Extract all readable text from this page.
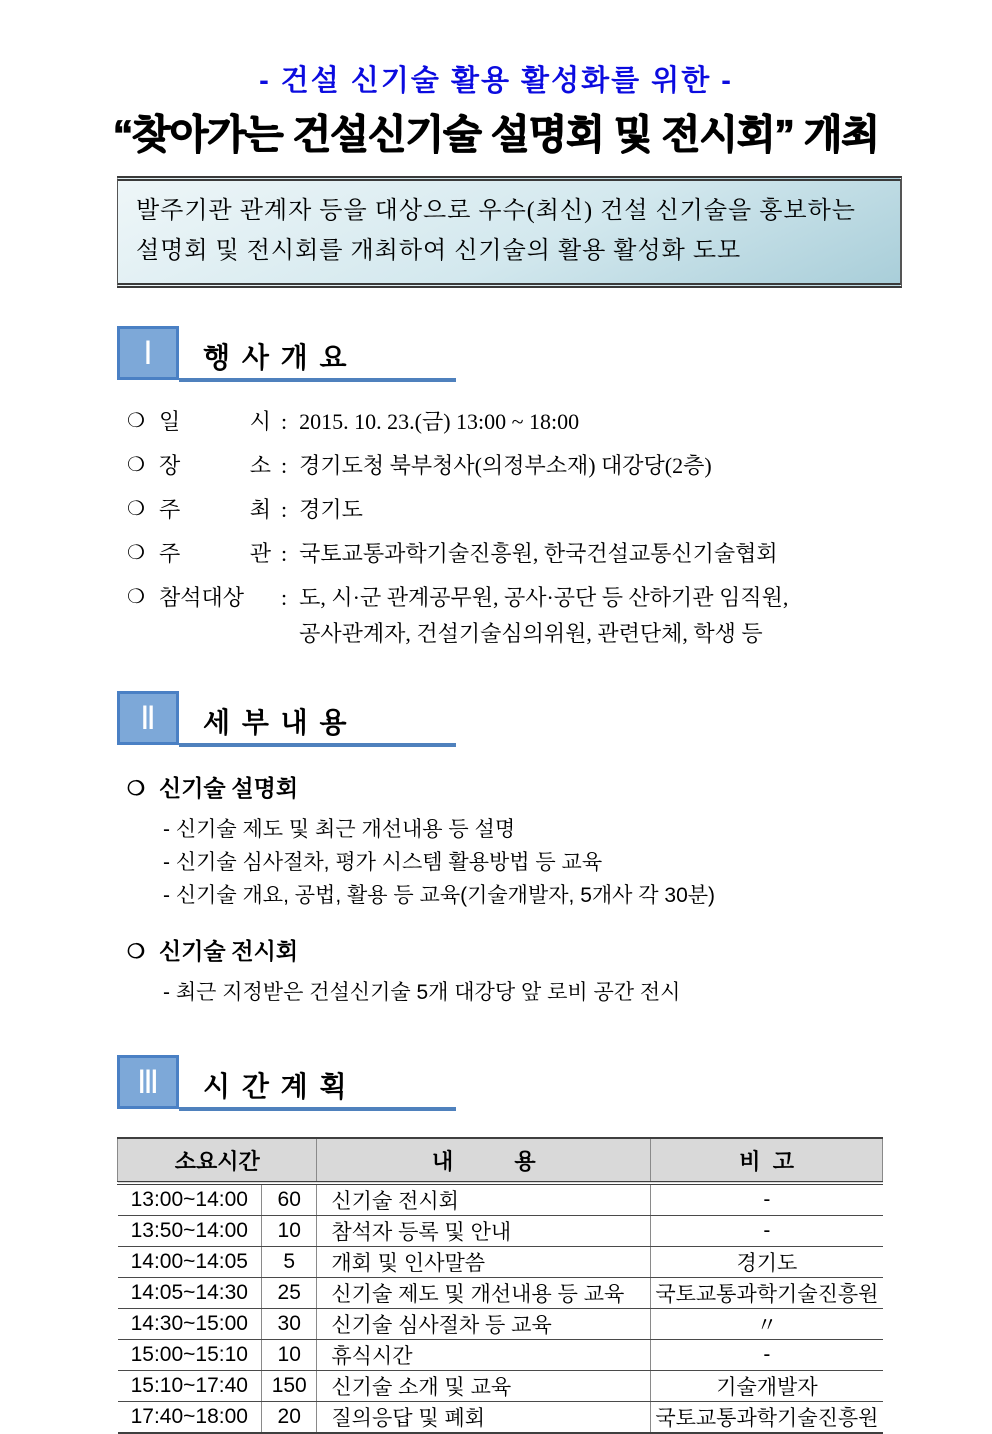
- 건설 신기술 활용 활성화를 위한 -
“찾아가는 건설신기술 설명회 및 전시회” 개최
발주기관 관계자 등을 대상으로 우수(최신) 건설 신기술을 홍보하는
설명회 및 전시회를 개최하여 신기술의 활용 활성화 도모
Ⅰ	행 사 개 요
❍ 일 시 : 2015. 10. 23.(금) 13:00 ~ 18:00
❍ 장 소 : 경기도청 북부청사(의정부소재) 대강당(2층)
❍ 주 최 : 경기도
❍ 주 관 : 국토교통과학기술진흥원, 한국건설교통신기술협회
❍ 참석대상	: 도, 시·군 관계공무원, 공사·공단 등 산하기관 임직원,
공사관계자, 건설기술심의위원, 관련단체, 학생 등
Ⅱ	세 부 내 용
❍ 신기술 설명회
- 신기술 제도 및 최근 개선내용 등 설명
- 신기술 심사절차, 평가 시스템 활용방법 등 교육
- 신기술 개요, 공법, 활용 등 교육(기술개발자, 5개사 각 30분)
❍ 신기술 전시회
- 최근 지정받은 건설신기술 5개 대강당 앞 로비 공간 전시
Ⅲ	시 간 계 획
소요시간		내          용	비  고
13:00~14:00	60	신기술 전시회	-
13:50~14:00	10	참석자 등록 및 안내	-
14:00~14:05	5	개회 및 인사말씀	경기도
14:05~14:30	25	신기술 제도 및 개선내용 등 교육	국토교통과학기술진흥원
14:30~15:00	30	신기술 심사절차 등 교육	〃
15:00~15:10	10	휴식시간	-
15:10~17:40	150	신기술 소개 및 교육	기술개발자
17:40~18:00	20	질의응답 및 폐회	국토교통과학기술진흥원
